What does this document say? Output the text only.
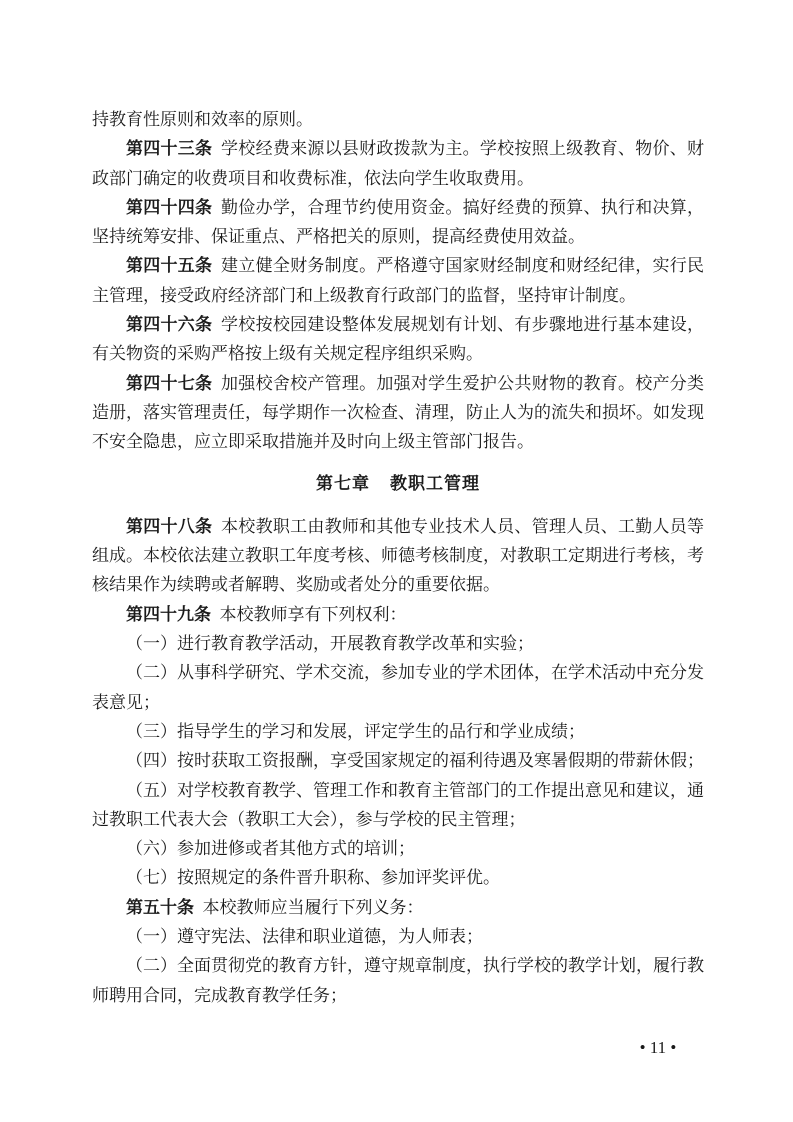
持教育性原则和效率的原则。

第四十三条  学校经费来源以县财政拨款为主。学校按照上级教育、物价、财政部门确定的收费项目和收费标准，依法向学生收取费用。

第四十四条  勤俭办学，合理节约使用资金。搞好经费的预算、执行和决算，坚持统筹安排、保证重点、严格把关的原则，提高经费使用效益。

第四十五条  建立健全财务制度。严格遵守国家财经制度和财经纪律，实行民主管理，接受政府经济部门和上级教育行政部门的监督，坚持审计制度。

第四十六条  学校按校园建设整体发展规划有计划、有步骤地进行基本建设，有关物资的采购严格按上级有关规定程序组织采购。

第四十七条  加强校舍校产管理。加强对学生爱护公共财物的教育。校产分类造册，落实管理责任，每学期作一次检查、清理，防止人为的流失和损坏。如发现不安全隐患，应立即采取措施并及时向上级主管部门报告。

第七章 教职工管理

第四十八条  本校教职工由教师和其他专业技术人员、管理人员、工勤人员等组成。本校依法建立教职工年度考核、师德考核制度，对教职工定期进行考核，考核结果作为续聘或者解聘、奖励或者处分的重要依据。

第四十九条  本校教师享有下列权利：

（一）进行教育教学活动，开展教育教学改革和实验；

（二）从事科学研究、学术交流，参加专业的学术团体，在学术活动中充分发表意见；

（三）指导学生的学习和发展，评定学生的品行和学业成绩；

（四）按时获取工资报酬，享受国家规定的福利待遇及寒暑假期的带薪休假；

（五）对学校教育教学、管理工作和教育主管部门的工作提出意见和建议，通过教职工代表大会（教职工大会），参与学校的民主管理；

（六）参加进修或者其他方式的培训；

（七）按照规定的条件晋升职称、参加评奖评优。

第五十条  本校教师应当履行下列义务：

（一）遵守宪法、法律和职业道德，为人师表；

（二）全面贯彻党的教育方针，遵守规章制度，执行学校的教学计划，履行教师聘用合同，完成教育教学任务；

• 11 •
